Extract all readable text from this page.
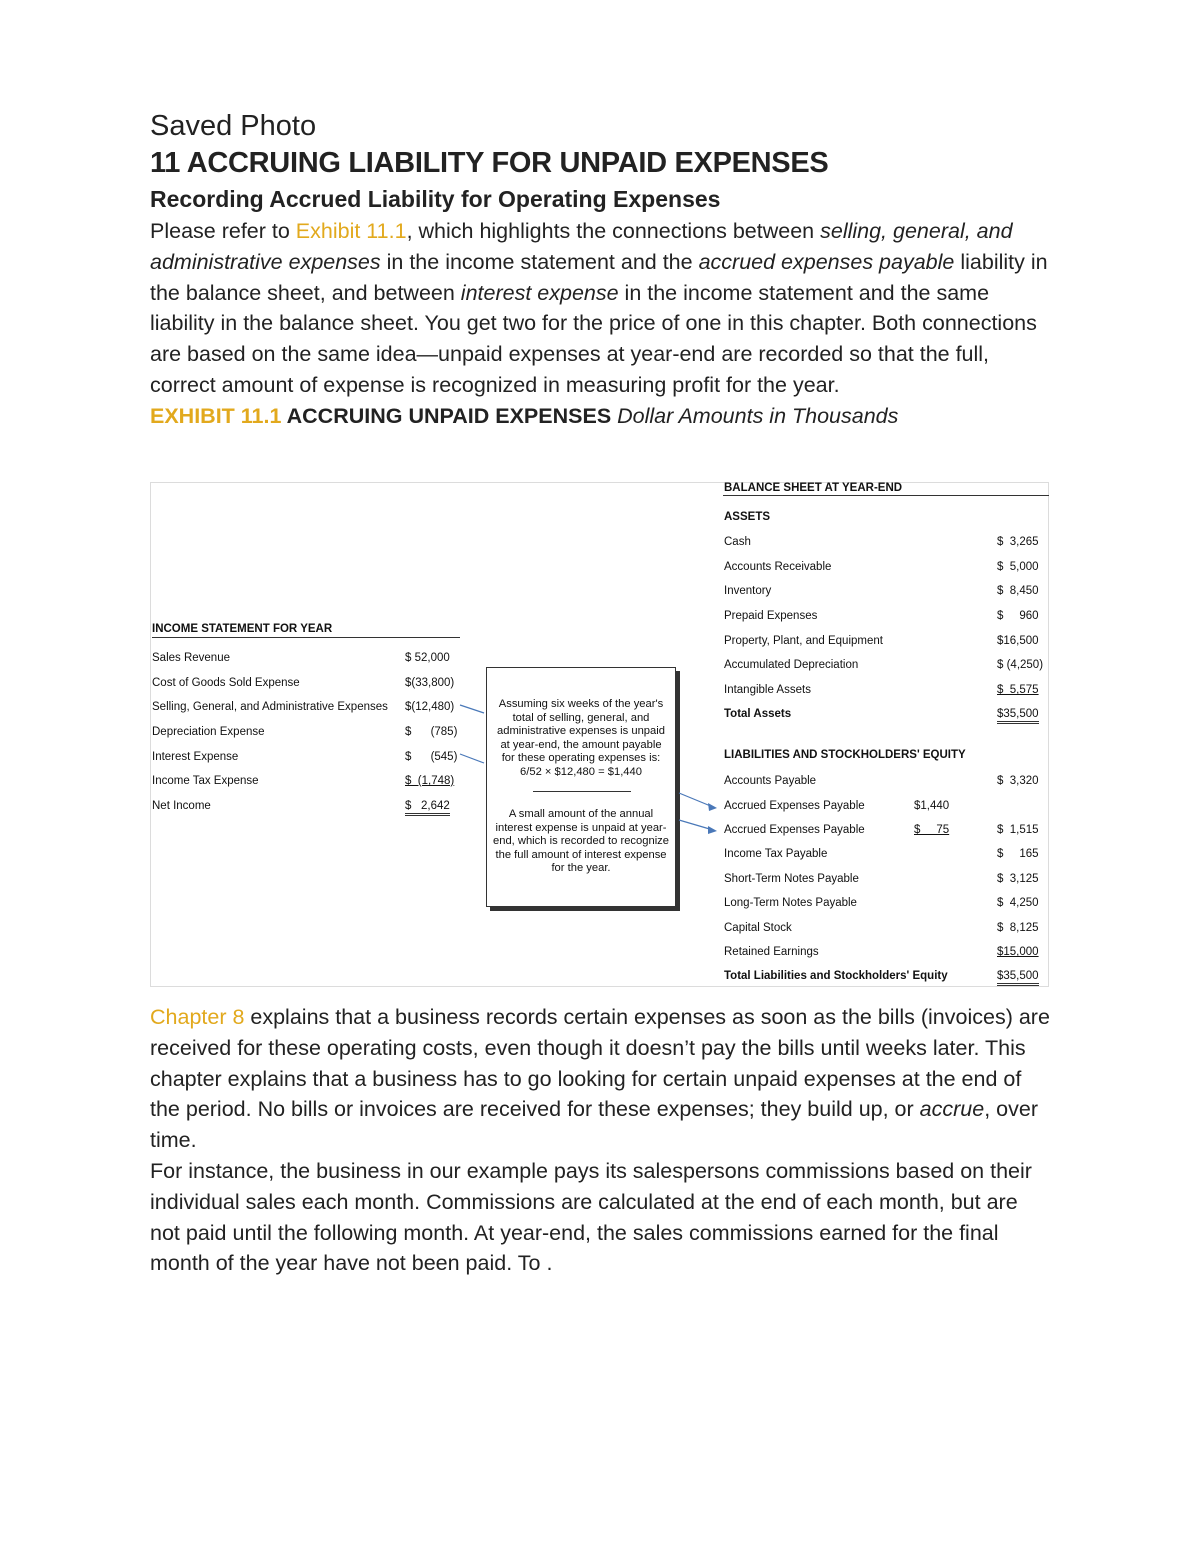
Saved Photo
11 ACCRUING LIABILITY FOR UNPAID EXPENSES
Recording Accrued Liability for Operating Expenses

Please refer to Exhibit 11.1, which highlights the connections between selling, general, and administrative expenses in the income statement and the accrued expenses payable liability in the balance sheet, and between interest expense in the income statement and the same liability in the balance sheet. You get two for the price of one in this chapter. Both connections are based on the same idea—unpaid expenses at year-end are recorded so that the full, correct amount of expense is recognized in measuring profit for the year.

EXHIBIT 11.1 ACCRUING UNPAID EXPENSES Dollar Amounts in Thousands

INCOME STATEMENT FOR YEAR
Sales Revenue	$ 52,000
Cost of Goods Sold Expense	$(33,800)
Selling, General, and Administrative Expenses $(12,480)
Depreciation Expense	$      (785)
Interest Expense	$      (545)
Income Tax Expense	$  (1,748)
Net Income	$   2,642

Assuming six weeks of the year's total of selling, general, and administrative expenses is unpaid at year-end, the amount payable for these operating expenses is: 6/52 × $12,480 = $1,440

A small amount of the annual interest expense is unpaid at year-end, which is recorded to recognize the full amount of interest expense for the year.

BALANCE SHEET AT YEAR-END
ASSETS
Cash	$  3,265
Accounts Receivable	$  5,000
Inventory	$  8,450
Prepaid Expenses	$     960
Property, Plant, and Equipment	$16,500
Accumulated Depreciation	$ (4,250)
Intangible Assets	$  5,575
Total Assets	$35,500
LIABILITIES AND STOCKHOLDERS' EQUITY
Accounts Payable	$  3,320
Accrued Expenses Payable	$1,440
Accrued Expenses Payable	$     75	$  1,515
Income Tax Payable	$     165
Short-Term Notes Payable	$  3,125
Long-Term Notes Payable	$  4,250
Capital Stock	$  8,125
Retained Earnings	$15,000
Total Liabilities and Stockholders' Equity	$35,500

Chapter 8 explains that a business records certain expenses as soon as the bills (invoices) are received for these operating costs, even though it doesn’t pay the bills until weeks later. This chapter explains that a business has to go looking for certain unpaid expenses at the end of the period. No bills or invoices are received for these expenses; they build up, or accrue, over time.

For instance, the business in our example pays its salespersons commissions based on their individual sales each month. Commissions are calculated at the end of each month, but are not paid until the following month. At year-end, the sales commissions earned for the final month of the year have not been paid. To .
